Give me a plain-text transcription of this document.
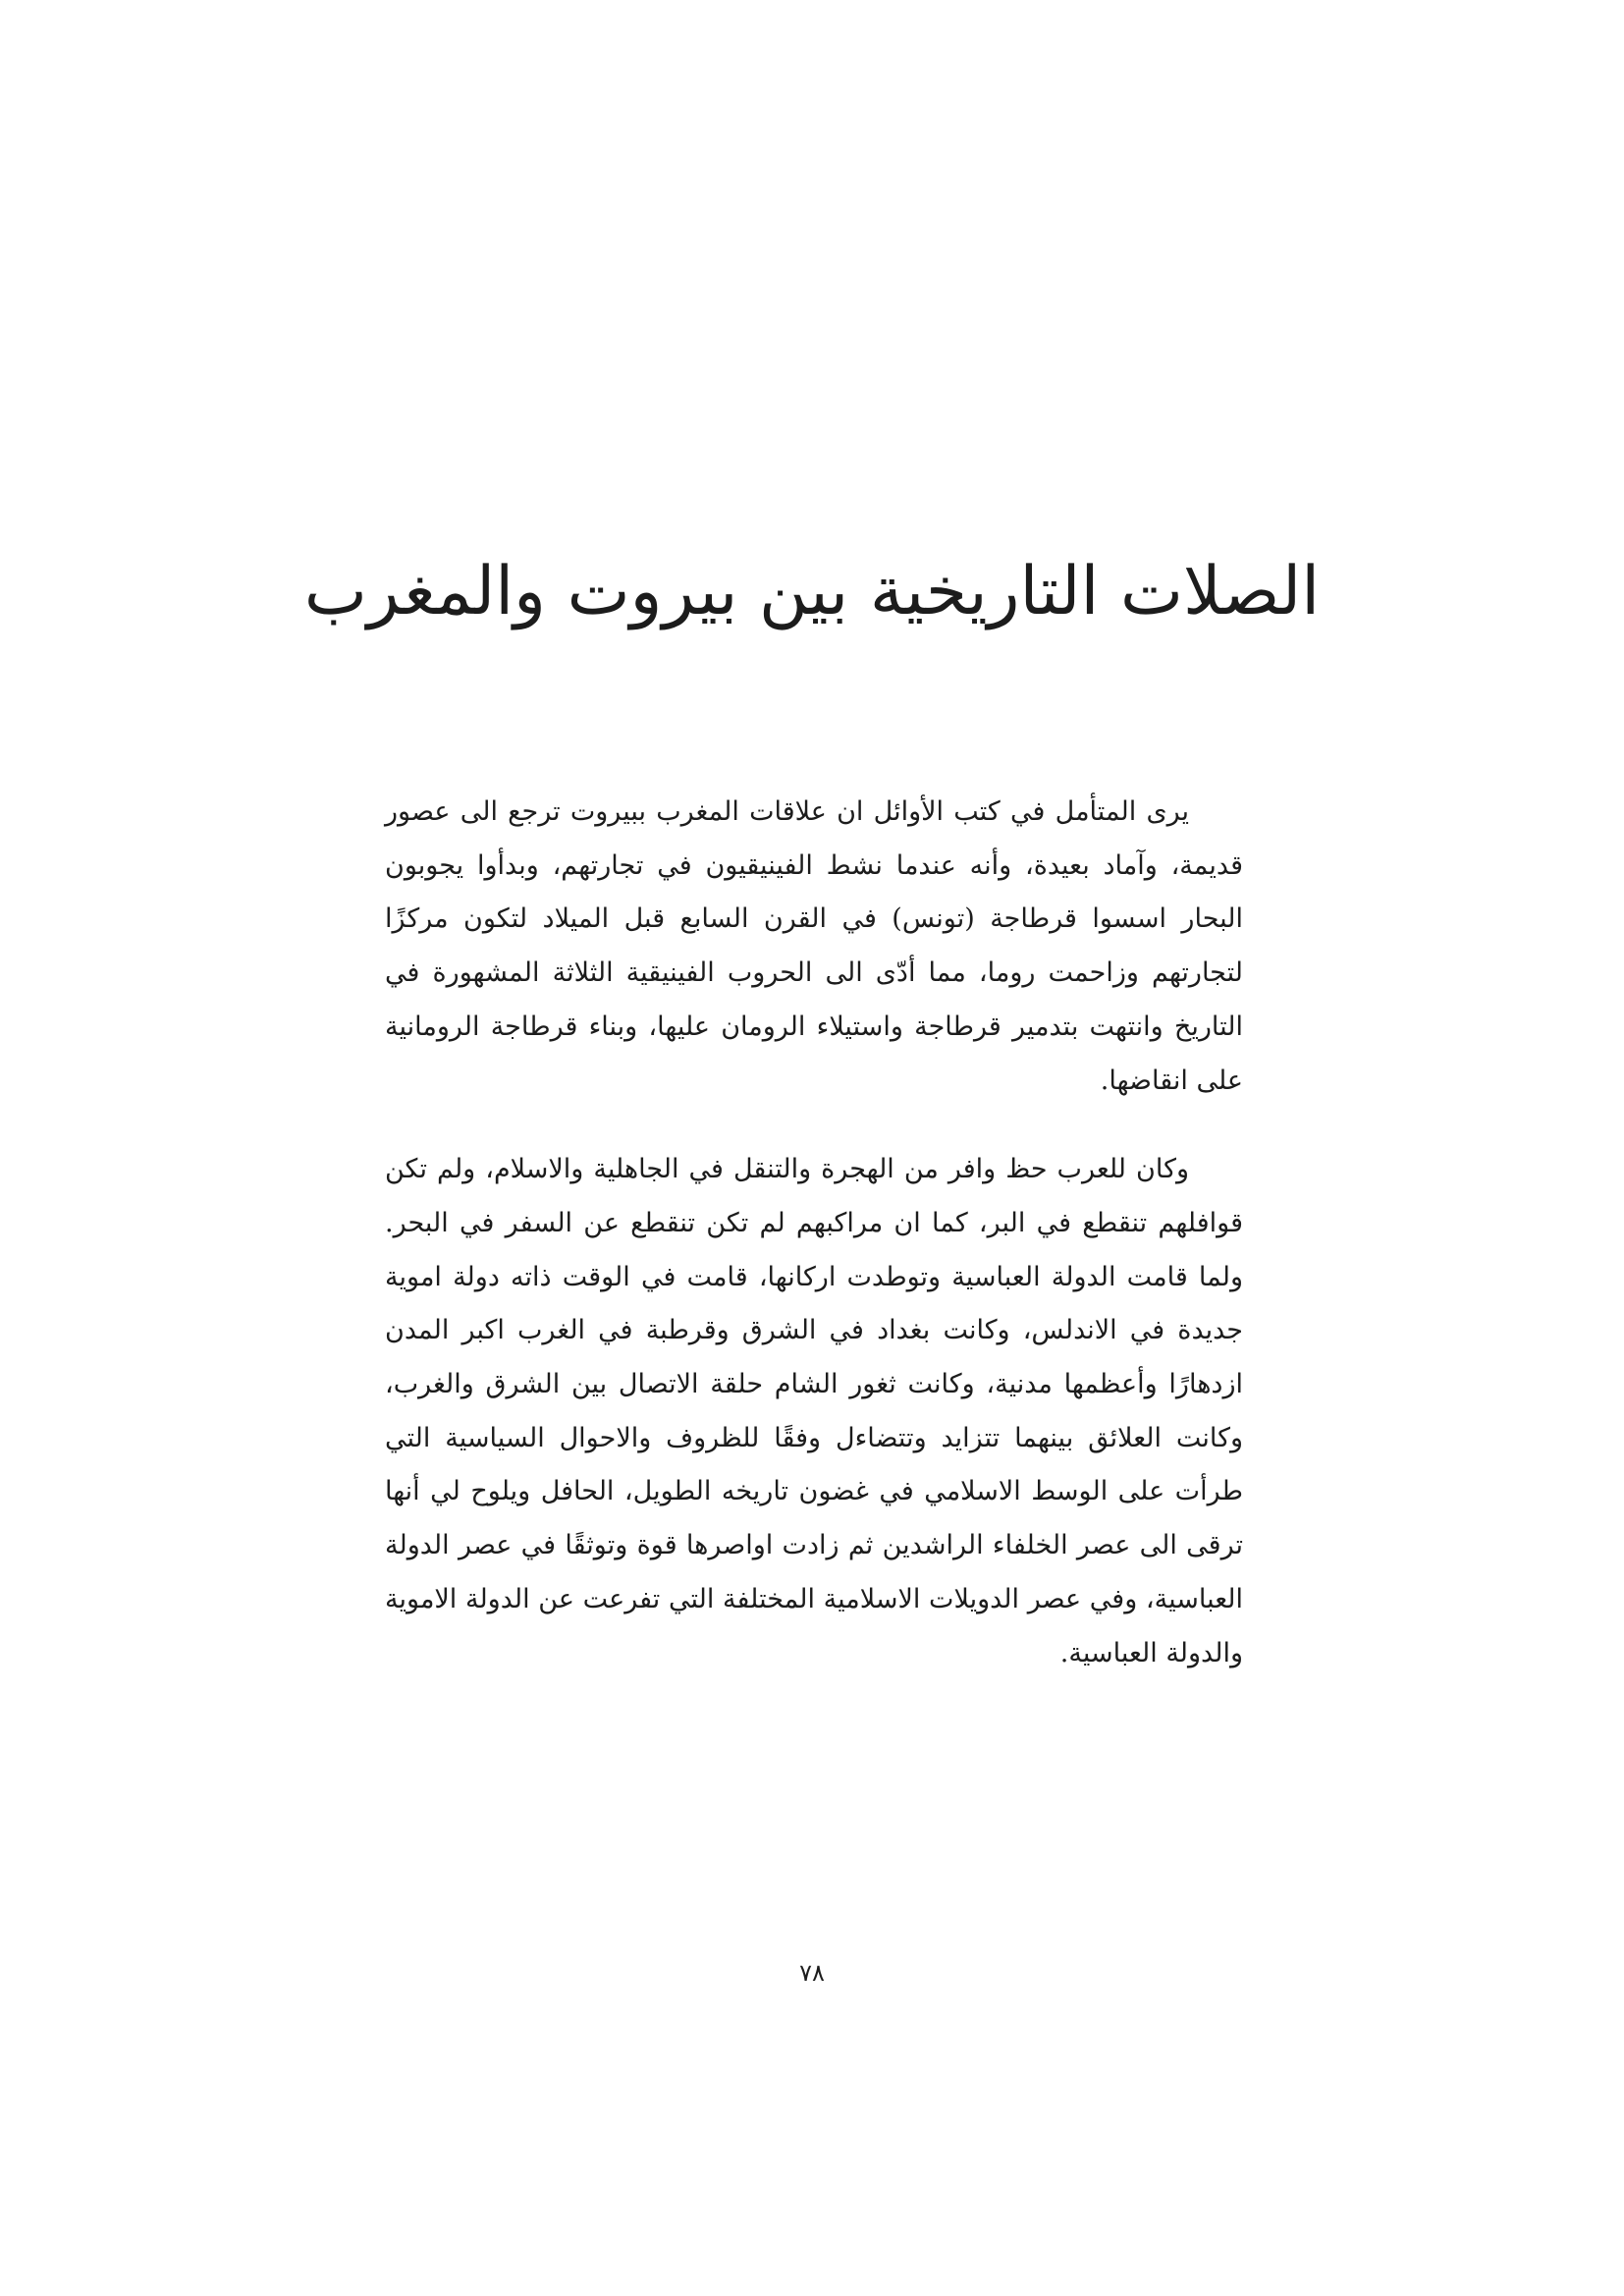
الصلات التاريخية بين بيروت والمغرب

يرى المتأمل في كتب الأوائل ان علاقات المغرب ببيروت ترجع الى عصور قديمة، وآماد بعيدة، وأنه عندما نشط الفينيقيون في تجارتهم، وبدأوا يجوبون البحار اسسوا قرطاجة (تونس) في القرن السابع قبل الميلاد لتكون مركزًا لتجارتهم وزاحمت روما، مما أدّى الى الحروب الفينيقية الثلاثة المشهورة في التاريخ وانتهت بتدمير قرطاجة واستيلاء الرومان عليها، وبناء قرطاجة الرومانية على انقاضها.

وكان للعرب حظ وافر من الهجرة والتنقل في الجاهلية والاسلام، ولم تكن قوافلهم تنقطع في البر، كما ان مراكبهم لم تكن تنقطع عن السفر في البحر. ولما قامت الدولة العباسية وتوطدت اركانها، قامت في الوقت ذاته دولة اموية جديدة في الاندلس، وكانت بغداد في الشرق وقرطبة في الغرب اكبر المدن ازدهارًا وأعظمها مدنية، وكانت ثغور الشام حلقة الاتصال بين الشرق والغرب، وكانت العلائق بينهما تتزايد وتتضاءل وفقًا للظروف والاحوال السياسية التي طرأت على الوسط الاسلامي في غضون تاريخه الطويل، الحافل ويلوح لي أنها ترقى الى عصر الخلفاء الراشدين ثم زادت اواصرها قوة وتوثقًا في عصر الدولة العباسية، وفي عصر الدويلات الاسلامية المختلفة التي تفرعت عن الدولة الاموية والدولة العباسية.

٧٨
